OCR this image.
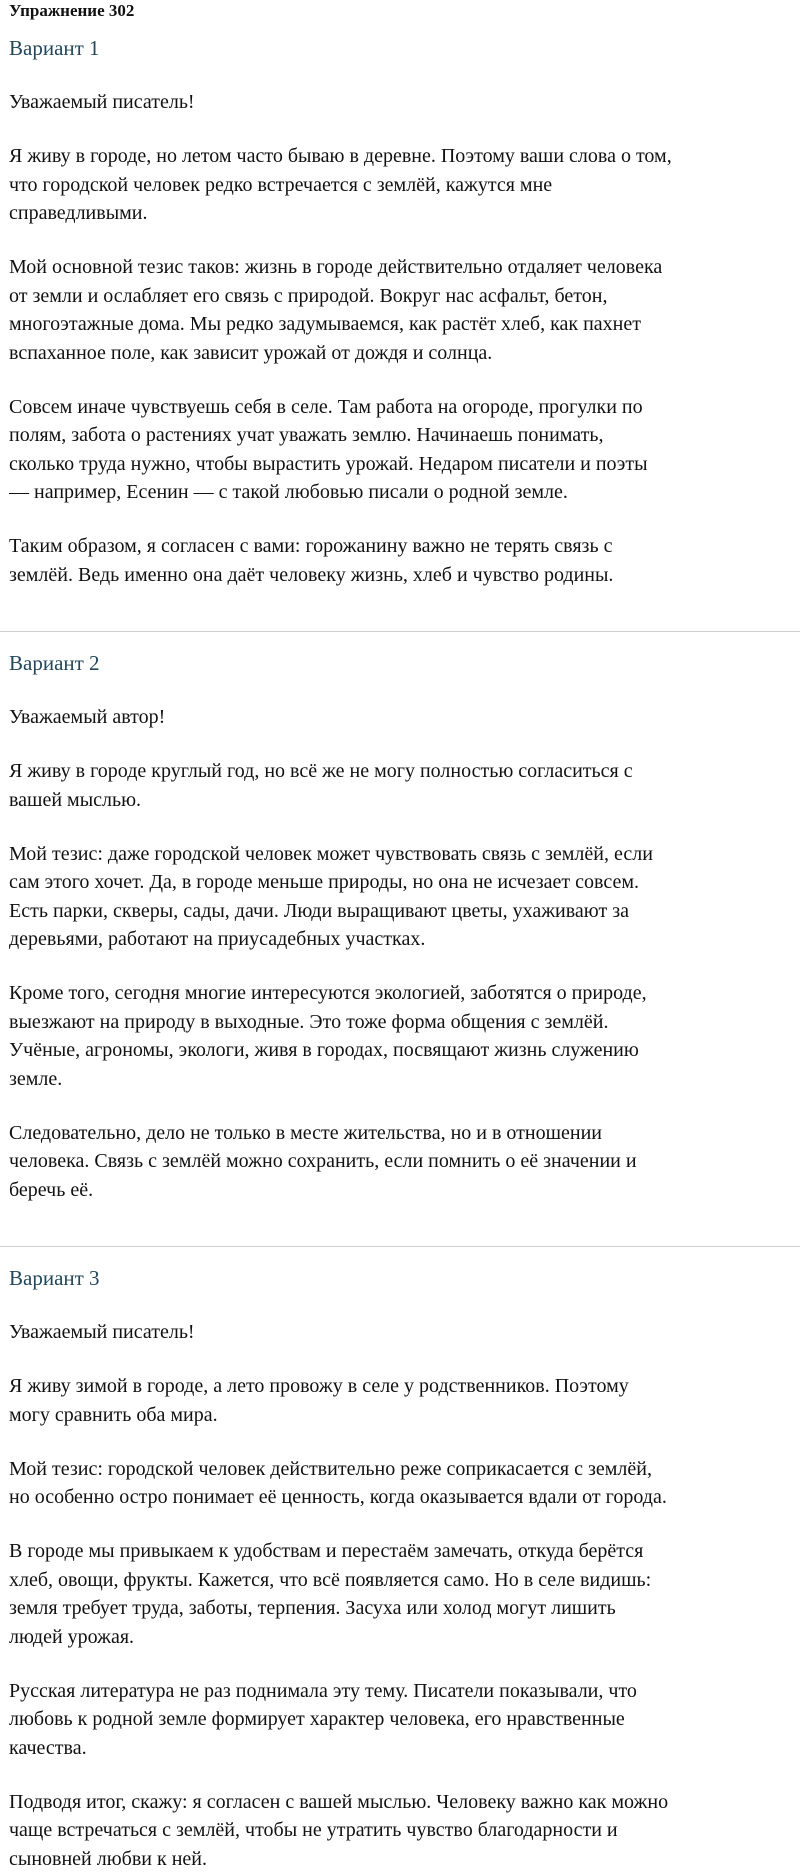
Упражнение 302
Вариант 1

Уважаемый писатель!

Я живу в городе, но летом часто бываю в деревне. Поэтому ваши слова о том,
что городской человек редко встречается с землёй, кажутся мне
справедливыми.

Мой основной тезис таков: жизнь в городе действительно отдаляет человека
от земли и ослабляет его связь с природой. Вокруг нас асфальт, бетон,
многоэтажные дома. Мы редко задумываемся, как растёт хлеб, как пахнет
вспаханное поле, как зависит урожай от дождя и солнца.

Совсем иначе чувствуешь себя в селе. Там работа на огороде, прогулки по
полям, забота о растениях учат уважать землю. Начинаешь понимать,
сколько труда нужно, чтобы вырастить урожай. Недаром писатели и поэты
— например, Есенин — с такой любовью писали о родной земле.

Таким образом, я согласен с вами: горожанину важно не терять связь с
землёй. Ведь именно она даёт человеку жизнь, хлеб и чувство родины.

Вариант 2

Уважаемый автор!

Я живу в городе круглый год, но всё же не могу полностью согласиться с
вашей мыслью.

Мой тезис: даже городской человек может чувствовать связь с землёй, если
сам этого хочет. Да, в городе меньше природы, но она не исчезает совсем.
Есть парки, скверы, сады, дачи. Люди выращивают цветы, ухаживают за
деревьями, работают на приусадебных участках.

Кроме того, сегодня многие интересуются экологией, заботятся о природе,
выезжают на природу в выходные. Это тоже форма общения с землёй.
Учёные, агрономы, экологи, живя в городах, посвящают жизнь служению
земле.

Следовательно, дело не только в месте жительства, но и в отношении
человека. Связь с землёй можно сохранить, если помнить о её значении и
беречь её.

Вариант 3

Уважаемый писатель!

Я живу зимой в городе, а лето провожу в селе у родственников. Поэтому
могу сравнить оба мира.

Мой тезис: городской человек действительно реже соприкасается с землёй,
но особенно остро понимает её ценность, когда оказывается вдали от города.

В городе мы привыкаем к удобствам и перестаём замечать, откуда берётся
хлеб, овощи, фрукты. Кажется, что всё появляется само. Но в селе видишь:
земля требует труда, заботы, терпения. Засуха или холод могут лишить
людей урожая.

Русская литература не раз поднимала эту тему. Писатели показывали, что
любовь к родной земле формирует характер человека, его нравственные
качества.

Подводя итог, скажу: я согласен с вашей мыслью. Человеку важно как можно
чаще встречаться с землёй, чтобы не утратить чувство благодарности и
сыновней любви к ней.
